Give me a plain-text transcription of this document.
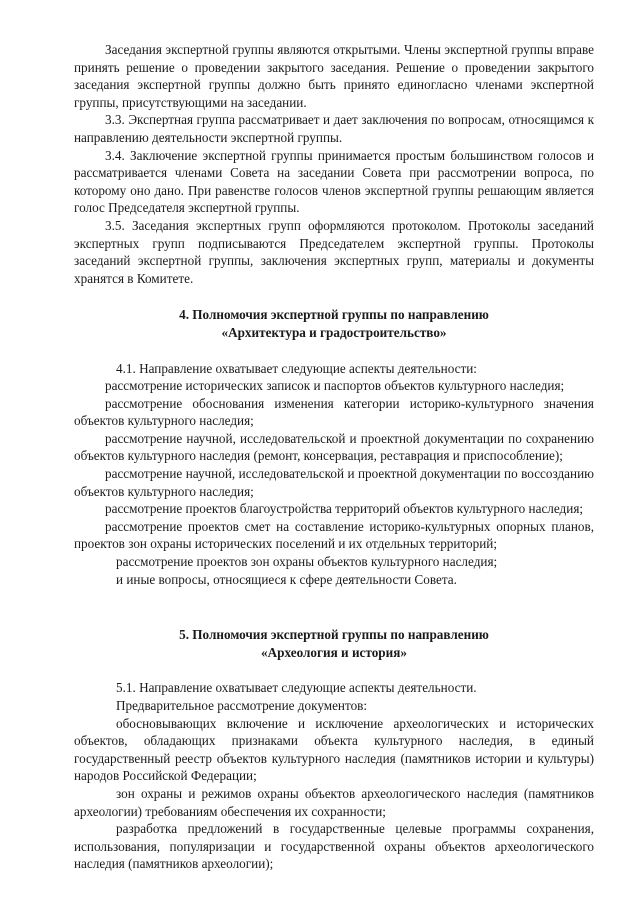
Заседания экспертной группы являются открытыми. Члены экспертной группы вправе принять решение о проведении закрытого заседания. Решение о проведении закрытого заседания экспертной группы должно быть принято единогласно членами экспертной группы, присутствующими на заседании.

3.3. Экспертная группа рассматривает и дает заключения по вопросам, относящимся к направлению деятельности экспертной группы.

3.4. Заключение экспертной группы принимается простым большинством голосов и рассматривается членами Совета на заседании Совета при рассмотрении вопроса, по которому оно дано. При равенстве голосов членов экспертной группы решающим является голос Председателя экспертной группы.

3.5. Заседания экспертных групп оформляются протоколом. Протоколы заседаний экспертных групп подписываются Председателем экспертной группы. Протоколы заседаний экспертной группы, заключения экспертных групп, материалы и документы хранятся в Комитете.

4. Полномочия экспертной группы по направлению
«Архитектура и градостроительство»

4.1. Направление охватывает следующие аспекты деятельности:

рассмотрение исторических записок и паспортов объектов культурного наследия;

рассмотрение обоснования изменения категории историко-культурного значения объектов культурного наследия;

рассмотрение научной, исследовательской и проектной документации по сохранению объектов культурного наследия (ремонт, консервация, реставрация и приспособление);

рассмотрение научной, исследовательской и проектной документации по воссозданию объектов культурного наследия;

рассмотрение проектов благоустройства территорий объектов культурного наследия;

рассмотрение проектов смет на составление историко-культурных опорных планов, проектов зон охраны исторических поселений и их отдельных территорий;

рассмотрение проектов зон охраны объектов культурного наследия;

и иные вопросы, относящиеся к сфере деятельности Совета.

5. Полномочия экспертной группы по направлению
«Археология и история»

5.1. Направление охватывает следующие аспекты деятельности.

Предварительное рассмотрение документов:

обосновывающих включение и исключение археологических и исторических объектов, обладающих признаками объекта культурного наследия, в единый государственный реестр объектов культурного наследия (памятников истории и культуры) народов Российской Федерации;

зон охраны и режимов охраны объектов археологического наследия (памятников археологии) требованиям обеспечения их сохранности;

разработка предложений в государственные целевые программы сохранения, использования, популяризации и государственной охраны объектов археологического наследия (памятников археологии);
